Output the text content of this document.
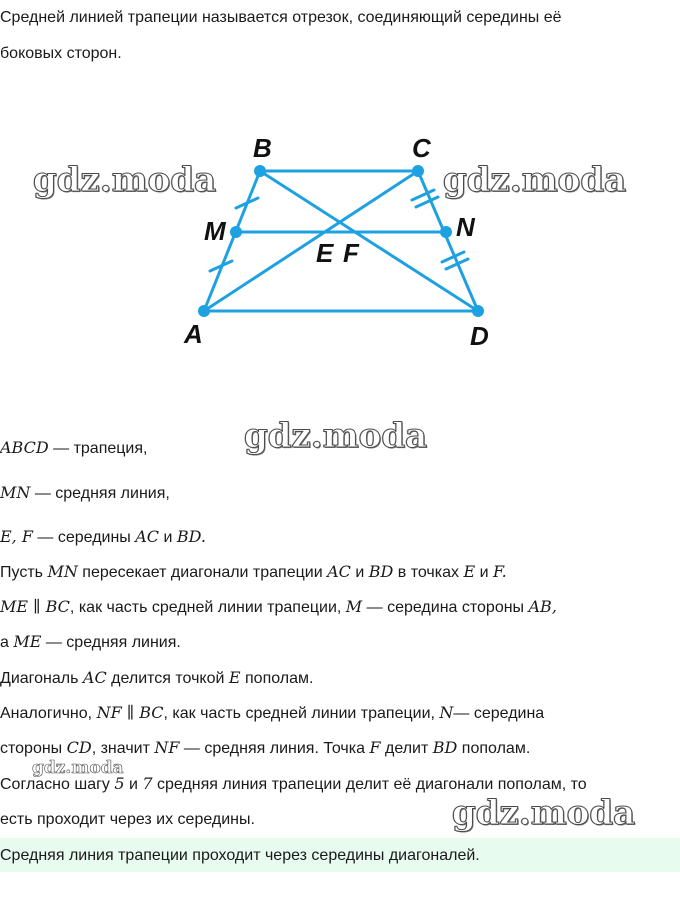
Средней линией трапеции называется отрезок, соединяющий середины её
боковых сторон.
B	C
M	N
E F
A	D
gdz.moda	gdz.moda
gdz.moda
gdz.moda
gdz.moda
ABCD — трапеция,
MN — средняя линия,
E, F — середины AC и BD.
Пусть MN пересекает диагонали трапеции AC и BD в точках E и F.
ME ∥ BC, как часть средней линии трапеции, M — середина стороны AB,
а ME — средняя линия.
Диагональ AC делится точкой E пополам.
Аналогично, NF ∥ BC, как часть средней линии трапеции, N— середина
стороны CD, значит NF — средняя линия. Точка F делит BD пополам.
Согласно шагу 5 и 7 средняя линия трапеции делит её диагонали пополам, то
есть проходит через их середины.
Средняя линия трапеции проходит через середины диагоналей.
